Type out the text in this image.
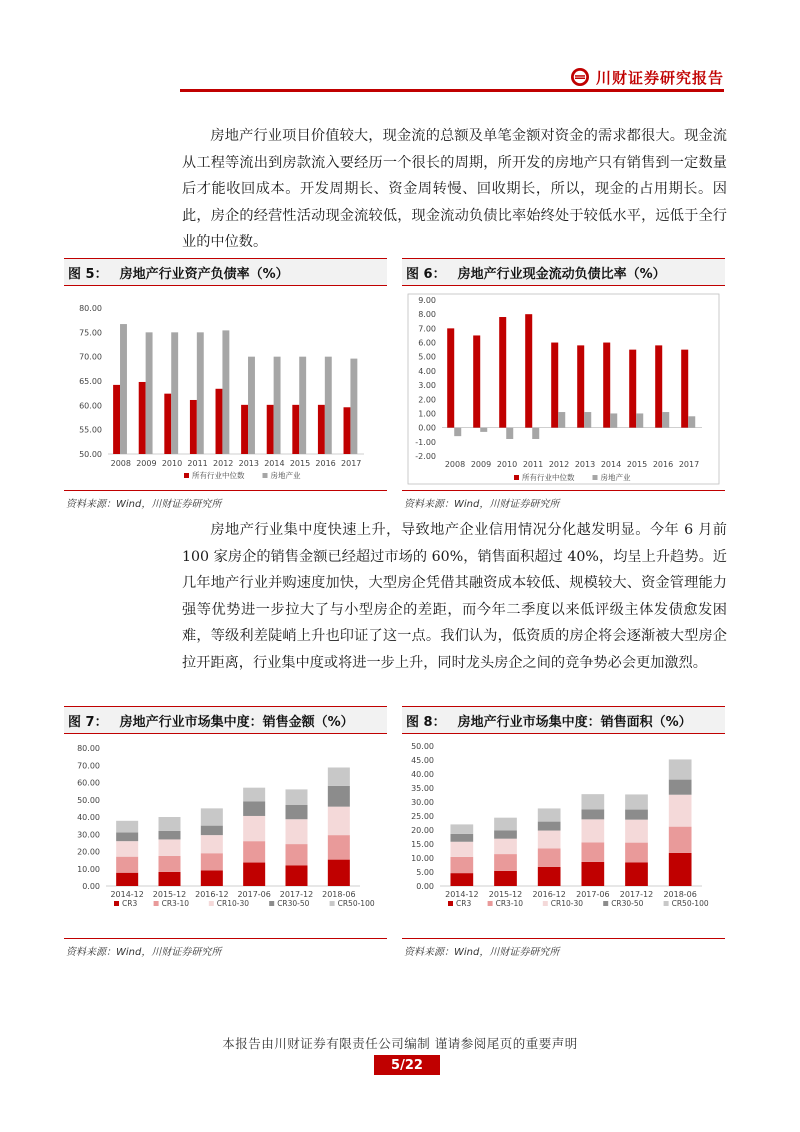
川财证券研究报告
房地产行业项目价值较大，现金流的总额及单笔金额对资金的需求都很大。现金流从工程等流出到房款流入要经历一个很长的周期，所开发的房地产只有销售到一定数量后才能收回成本。开发周期长、资金周转慢、回收期长，所以，现金的占用期长。因此，房企的经营性活动现金流较低，现金流动负债比率始终处于较低水平，远低于全行业的中位数。
图 5： 房地产行业资产负债率（%）
50.00
55.00
60.00
65.00
70.00
75.00
80.00
2008 2009 2010 2011 2012 2013 2014 2015 2016 2017
所有行业中位数	房地产业
资料来源：Wind，川财证券研究所
图 6： 房地产行业现金流动负债比率（%）
-2.00
-1.00
0.00
1.00
2.00
3.00
4.00
5.00
6.00
7.00
8.00
9.00
2008 2009 2010 2011 2012 2013 2014 2015 2016 2017
所有行业中位数	房地产业
资料来源：Wind，川财证券研究所
房地产行业集中度快速上升，导致地产企业信用情况分化越发明显。今年 6 月前 100 家房企的销售金额已经超过市场的 60%，销售面积超过 40%，均呈上升趋势。近几年地产行业并购速度加快，大型房企凭借其融资成本较低、规模较大、资金管理能力强等优势进一步拉大了与小型房企的差距，而今年二季度以来低评级主体发债愈发困难，等级利差陡峭上升也印证了这一点。我们认为，低资质的房企将会逐渐被大型房企拉开距离，行业集中度或将进一步上升，同时龙头房企之间的竞争势必会更加激烈。
图 7： 房地产行业市场集中度：销售金额（%）
0.00
10.00
20.00
30.00
40.00
50.00
60.00
70.00
80.00
2014-12 2015-12 2016-12 2017-06 2017-12 2018-06
CR3	CR3-10	CR10-30	CR30-50	CR50-100
资料来源：Wind，川财证券研究所
图 8： 房地产行业市场集中度：销售面积（%）
0.00
5.00
10.00
15.00
20.00
25.00
30.00
35.00
40.00
45.00
50.00
2014-12 2015-12 2016-12 2017-06 2017-12 2018-06
CR3	CR3-10	CR10-30	CR30-50	CR50-100
资料来源：Wind，川财证券研究所
本报告由川财证券有限责任公司编制 谨请参阅尾页的重要声明
5/22
